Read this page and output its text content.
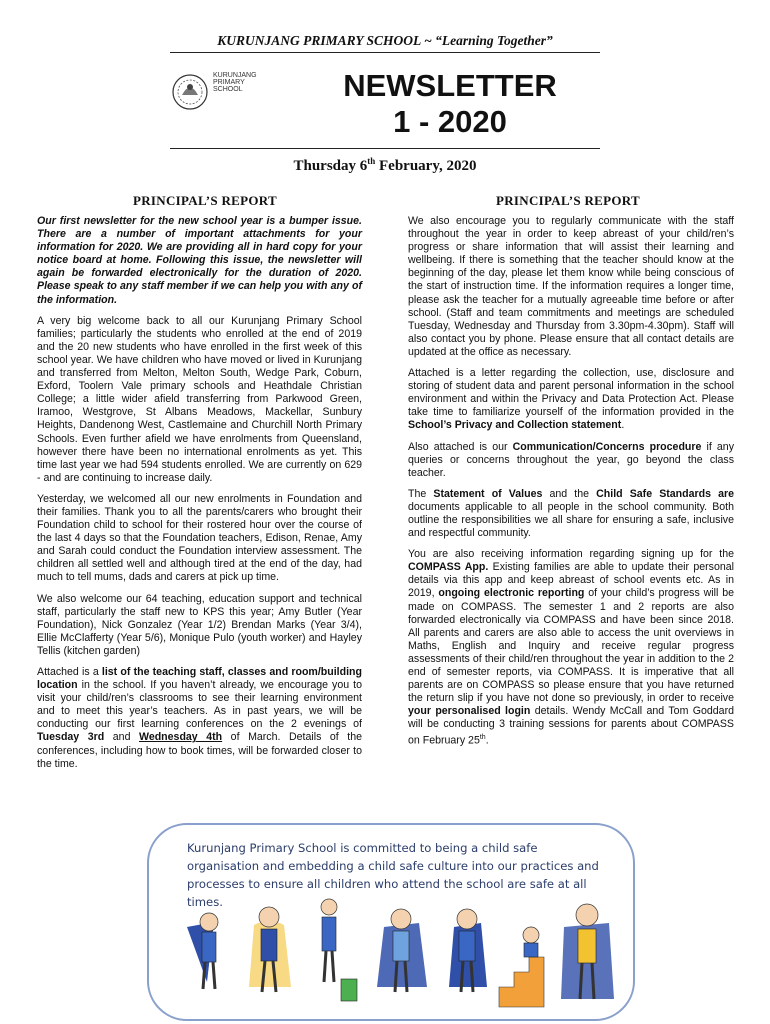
KURUNJANG PRIMARY SCHOOL ~ “Learning Together”
KURUNJANG
PRIMARY
SCHOOL	NEWSLETTER
1 - 2020
Thursday 6th February, 2020
PRINCIPAL’S REPORT	PRINCIPAL’S REPORT

Our first newsletter for the new school year is a bumper issue. There are a number of important attachments for your information for 2020. We are providing all in hard copy for your notice board at home. Following this issue, the newsletter will again be forwarded electronically for the duration of 2020. Please speak to any staff member if we can help you with any of the information.

A very big welcome back to all our Kurunjang Primary School families; particularly the students who enrolled at the end of 2019 and the 20 new students who have enrolled in the first week of this school year. We have children who have moved or lived in Kurunjang and transferred from Melton, Melton South, Wedge Park, Coburn, Exford, Toolern Vale primary schools and Heathdale Christian College; a little wider afield transferring from Parkwood Green, Iramoo, Westgrove, St Albans Meadows, Mackellar, Sunbury Heights, Dandenong West, Castlemaine and Churchill North Primary Schools. Even further afield we have enrolments from Queensland, however there have been no international enrolments as yet. This time last year we had 594 students enrolled. We are currently on 629 - and are continuing to increase daily.

Yesterday, we welcomed all our new enrolments in Foundation and their families. Thank you to all the parents/carers who brought their Foundation child to school for their rostered hour over the course of the last 4 days so that the Foundation teachers, Edison, Renae, Amy and Sarah could conduct the Foundation interview assessment. The children all settled well and although tired at the end of the day, had much to tell mums, dads and carers at pick up time.

We also welcome our 64 teaching, education support and technical staff, particularly the staff new to KPS this year; Amy Butler (Year Foundation), Nick Gonzalez (Year 1/2) Brendan Marks (Year 3/4), Ellie McClafferty (Year 5/6), Monique Pulo (youth worker) and Hayley Tellis (kitchen garden)

Attached is a list of the teaching staff, classes and room/building location in the school. If you haven’t already, we encourage you to visit your child/ren’s classrooms to see their learning environment and to meet this year’s teachers. As in past years, we will be conducting our first learning conferences on the 2 evenings of Tuesday 3rd and Wednesday 4th of March. Details of the conferences, including how to book times, will be forwarded closer to the time.

We also encourage you to regularly communicate with the staff throughout the year in order to keep abreast of your child/ren’s progress or share information that will assist their learning and wellbeing. If there is something that the teacher should know at the beginning of the day, please let them know while being conscious of the start of instruction time. If the information requires a longer time, please ask the teacher for a mutually agreeable time before or after school. (Staff and team commitments and meetings are scheduled Tuesday, Wednesday and Thursday from 3.30pm-4.30pm). Staff will also contact you by phone. Please ensure that all contact details are updated at the office as necessary.

Attached is a letter regarding the collection, use, disclosure and storing of student data and parent personal information in the school environment and within the Privacy and Data Protection Act. Please take time to familiarize yourself of the information provided in the School’s Privacy and Collection statement.

Also attached is our Communication/Concerns procedure if any queries or concerns throughout the year, go beyond the class teacher.

The Statement of Values and the Child Safe Standards are documents applicable to all people in the school community. Both outline the responsibilities we all share for ensuring a safe, inclusive and respectful community.

You are also receiving information regarding signing up for the COMPASS App. Existing families are able to update their personal details via this app and keep abreast of school events etc. As in 2019, ongoing electronic reporting of your child’s progress will be made on COMPASS. The semester 1 and 2 reports are also forwarded electronically via COMPASS and have been since 2018. All parents and carers are also able to access the unit overviews in Maths, English and Inquiry and receive regular progress assessments of their child/ren throughout the year in addition to the 2 end of semester reports, via COMPASS. It is imperative that all parents are on COMPASS so please ensure that you have returned the return slip if you have not done so previously, in order to receive your personalised login details. Wendy McCall and Tom Goddard will be conducting 3 training sessions for parents about COMPASS on February 25th.

Kurunjang Primary School is committed to being a child safe organisation and embedding a child safe culture into our practices and processes to ensure all children who attend the school are safe at all times.
